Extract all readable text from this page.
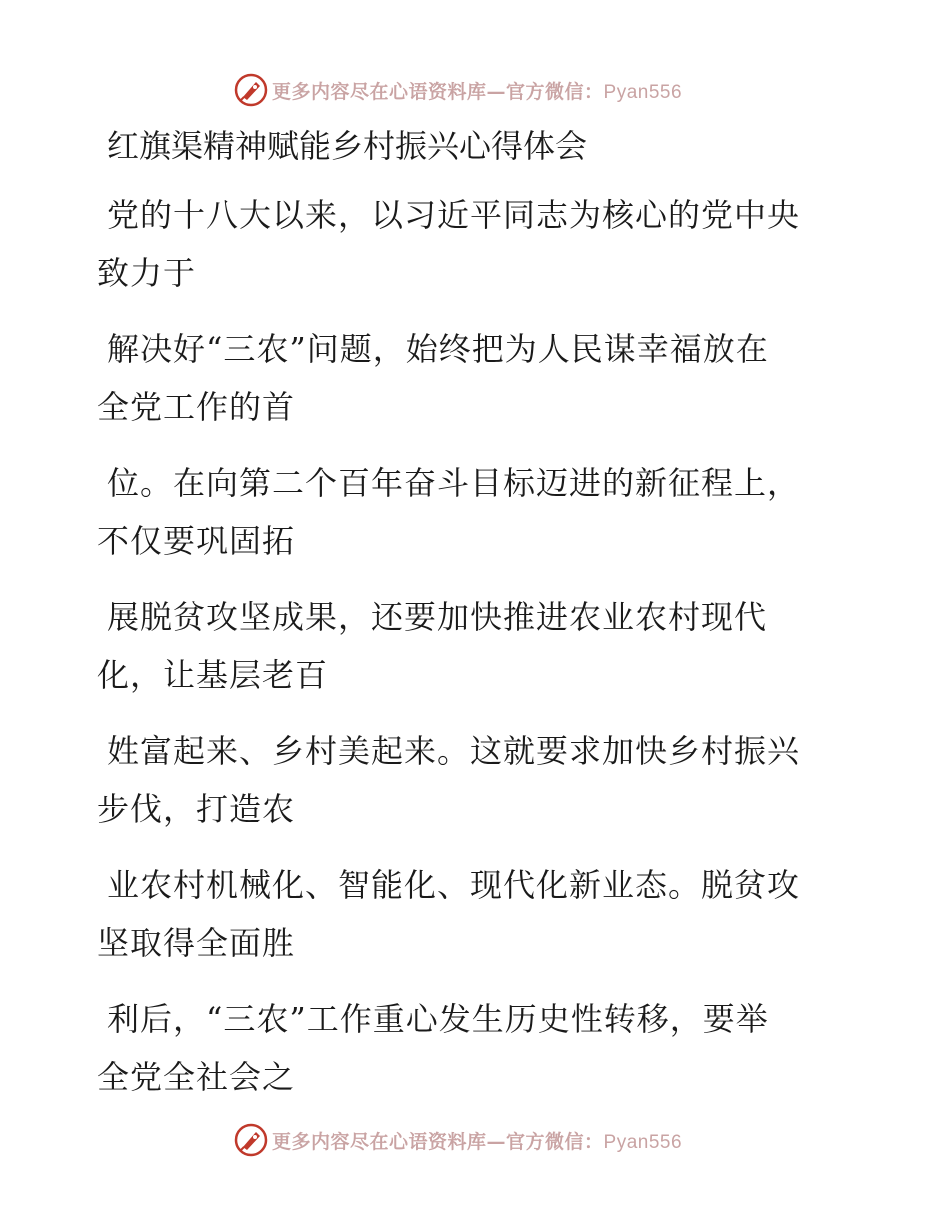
更多内容尽在心语资料库—官方微信：Pyan556
红旗渠精神赋能乡村振兴心得体会
党的十八大以来，以习近平同志为核心的党中央
致力于
解决好“三农”问题，始终把为人民谋幸福放在
全党工作的首
位。在向第二个百年奋斗目标迈进的新征程上，
不仅要巩固拓
展脱贫攻坚成果，还要加快推进农业农村现代
化，让基层老百
姓富起来、乡村美起来。这就要求加快乡村振兴
步伐，打造农
业农村机械化、智能化、现代化新业态。脱贫攻
坚取得全面胜
利后，“三农”工作重心发生历史性转移，要举
全党全社会之
更多内容尽在心语资料库—官方微信：Pyan556
